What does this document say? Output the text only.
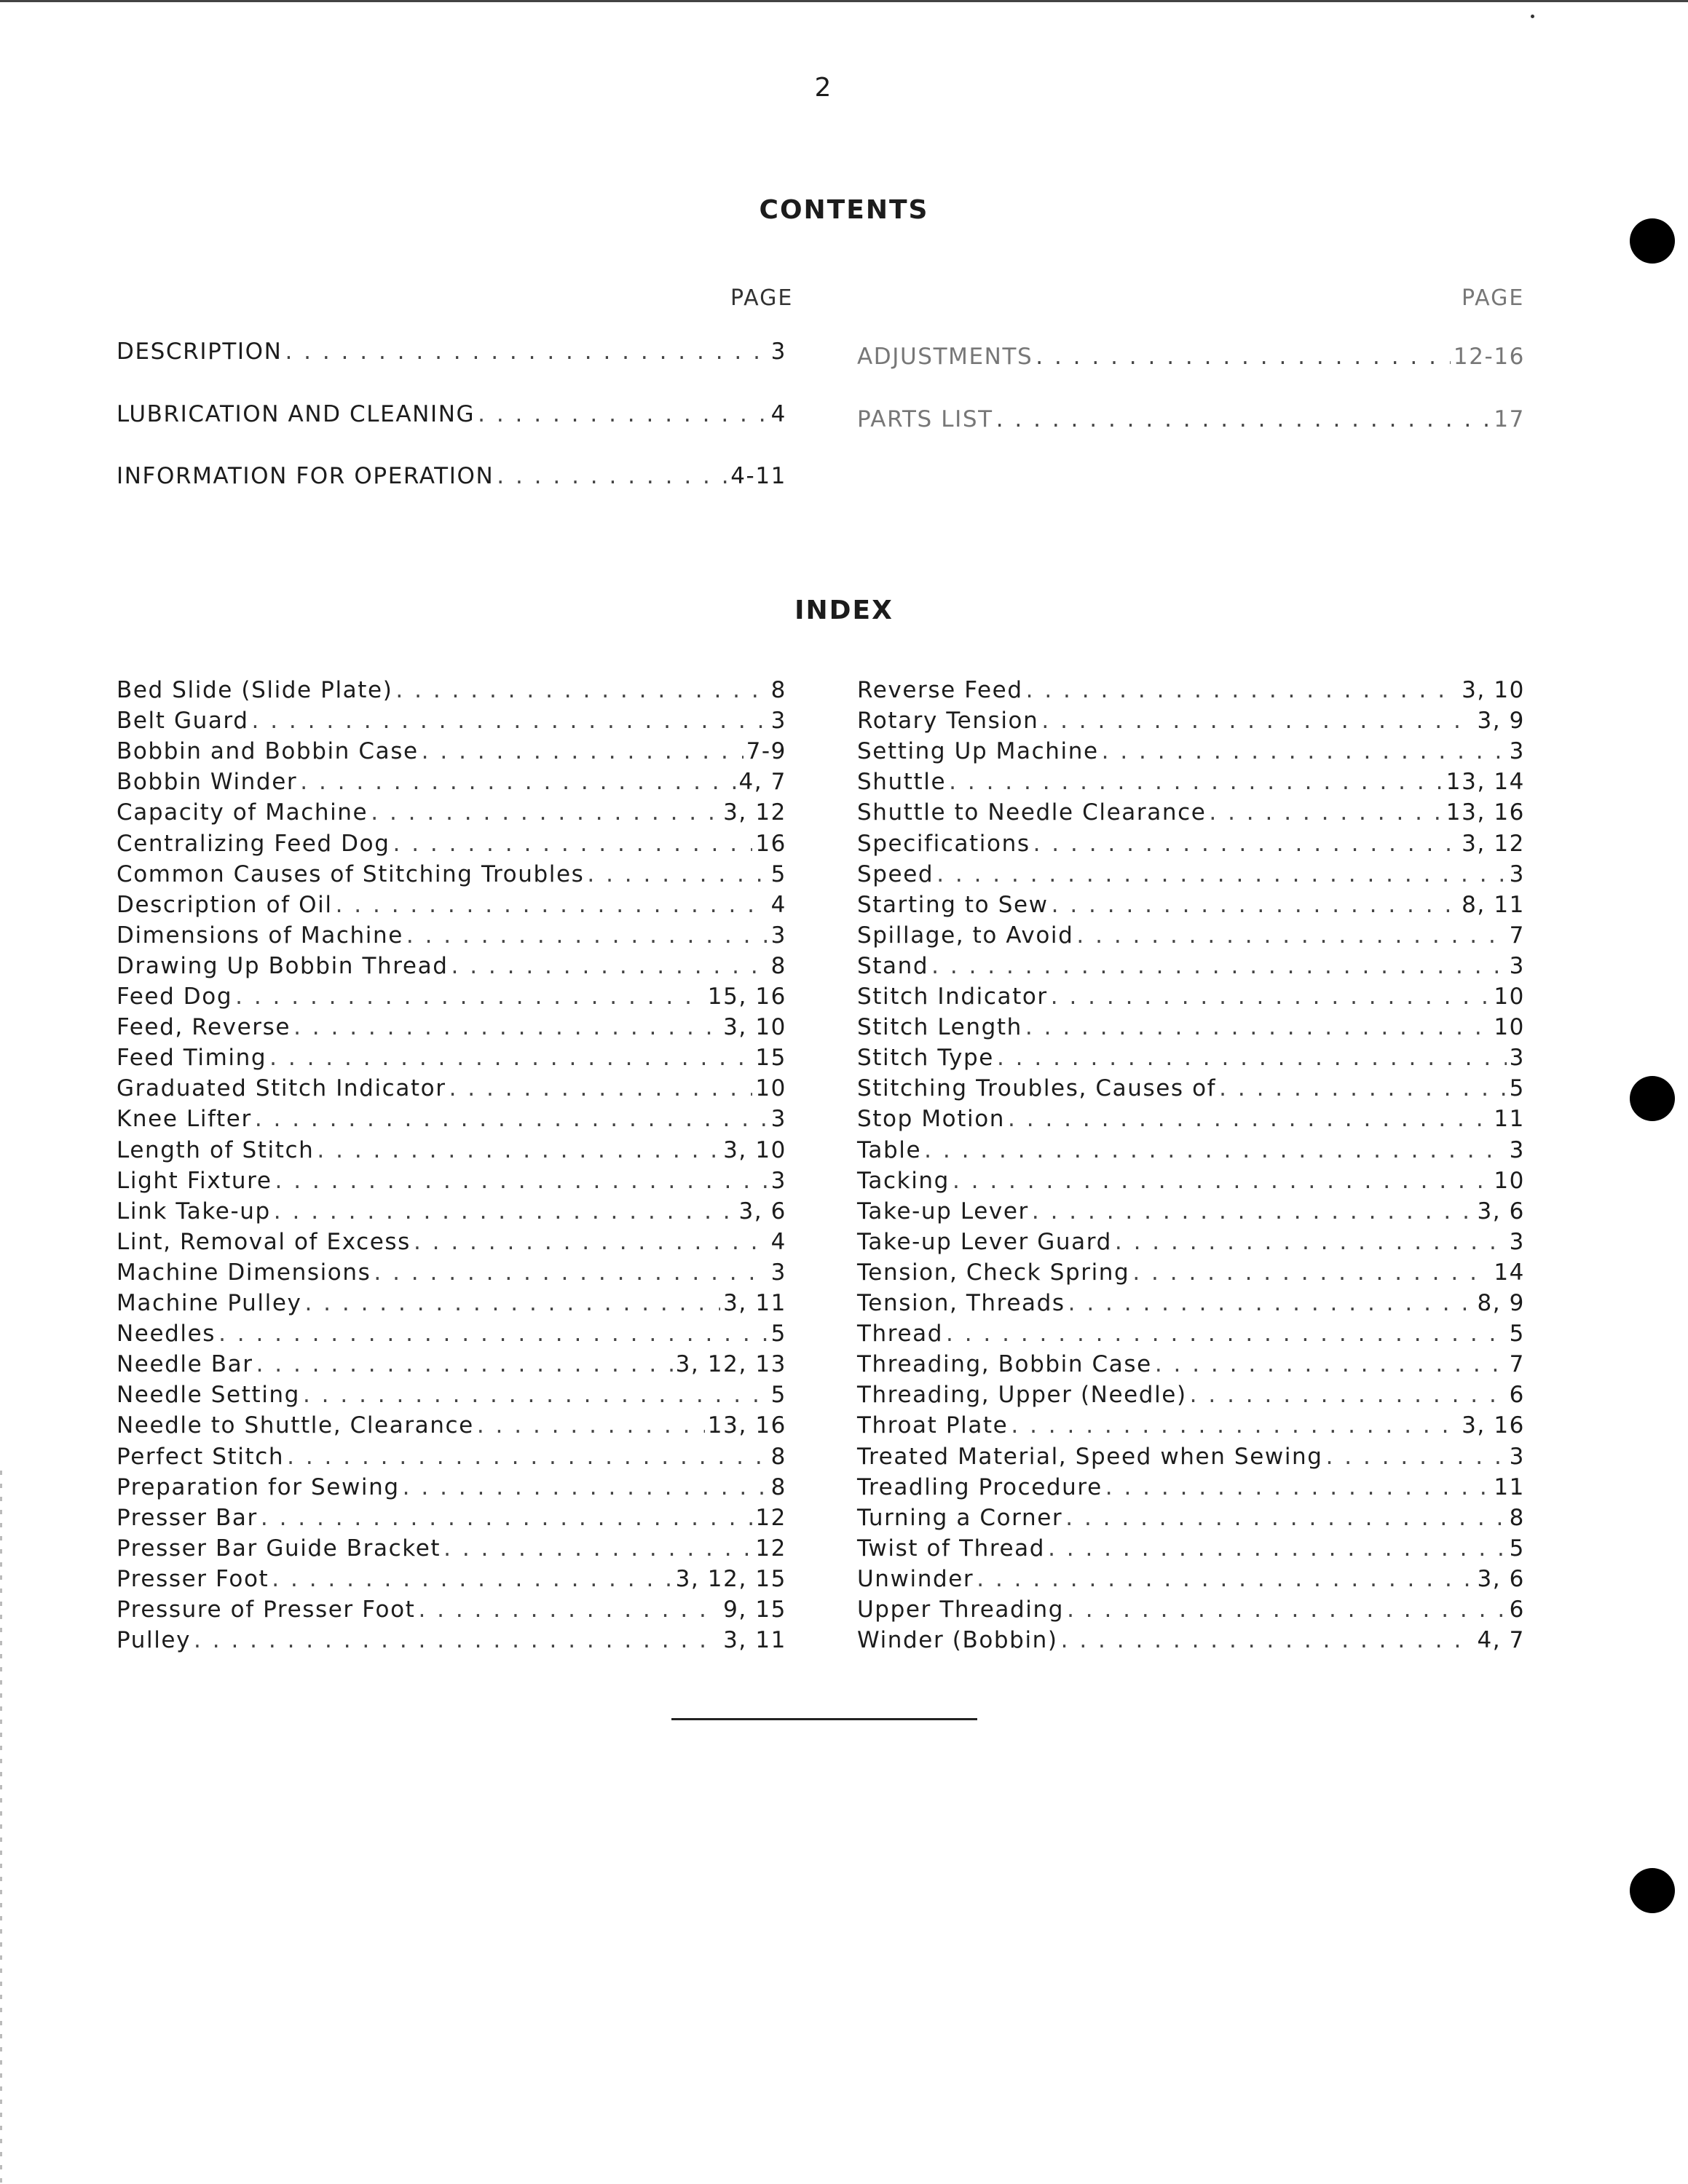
2
CONTENTS
PAGE	PAGE
DESCRIPTION . . .	3
LUBRICATION AND CLEANING . . .	4
INFORMATION FOR OPERATION . . .	4-11
ADJUSTMENTS . . .	12-16
PARTS LIST . . .	17
INDEX
Bed Slide (Slide Plate) . . .	8
Belt Guard . . .	3
Bobbin and Bobbin Case . . .	7-9
Bobbin Winder . . .	4, 7
Capacity of Machine . . .	3, 12
Centralizing Feed Dog . . .	16
Common Causes of Stitching Troubles . . .	5
Description of Oil . . .	4
Dimensions of Machine . . .	3
Drawing Up Bobbin Thread . . .	8
Feed Dog . . .	15, 16
Feed, Reverse . . .	3, 10
Feed Timing . . .	15
Graduated Stitch Indicator . . .	10
Knee Lifter . . .	3
Length of Stitch . . .	3, 10
Light Fixture . . .	3
Link Take-up . . .	3, 6
Lint, Removal of Excess . . .	4
Machine Dimensions . . .	3
Machine Pulley . . .	3, 11
Needles . . .	5
Needle Bar . . .	3, 12, 13
Needle Setting . . .	5
Needle to Shuttle, Clearance . . .	13, 16
Perfect Stitch . . .	8
Preparation for Sewing . . .	8
Presser Bar . . .	12
Presser Bar Guide Bracket . . .	12
Presser Foot . . .	3, 12, 15
Pressure of Presser Foot . . .	9, 15
Pulley . . .	3, 11
Reverse Feed . . .	3, 10
Rotary Tension . . .	3, 9
Setting Up Machine . . .	3
Shuttle . . .	13, 14
Shuttle to Needle Clearance . . .	13, 16
Specifications . . .	3, 12
Speed . . .	3
Starting to Sew . . .	8, 11
Spillage, to Avoid . . .	7
Stand . . .	3
Stitch Indicator . . .	10
Stitch Length . . .	10
Stitch Type . . .	3
Stitching Troubles, Causes of . . .	5
Stop Motion . . .	11
Table . . .	3
Tacking . . .	10
Take-up Lever . . .	3, 6
Take-up Lever Guard . . .	3
Tension, Check Spring . . .	14
Tension, Threads . . .	8, 9
Thread . . .	5
Threading, Bobbin Case . . .	7
Threading, Upper (Needle) . . .	6
Throat Plate . . .	3, 16
Treated Material, Speed when Sewing . . .	3
Treadling Procedure . . .	11
Turning a Corner . . .	8
Twist of Thread . . .	5
Unwinder . . .	3, 6
Upper Threading . . .	6
Winder (Bobbin) . . .	4, 7
